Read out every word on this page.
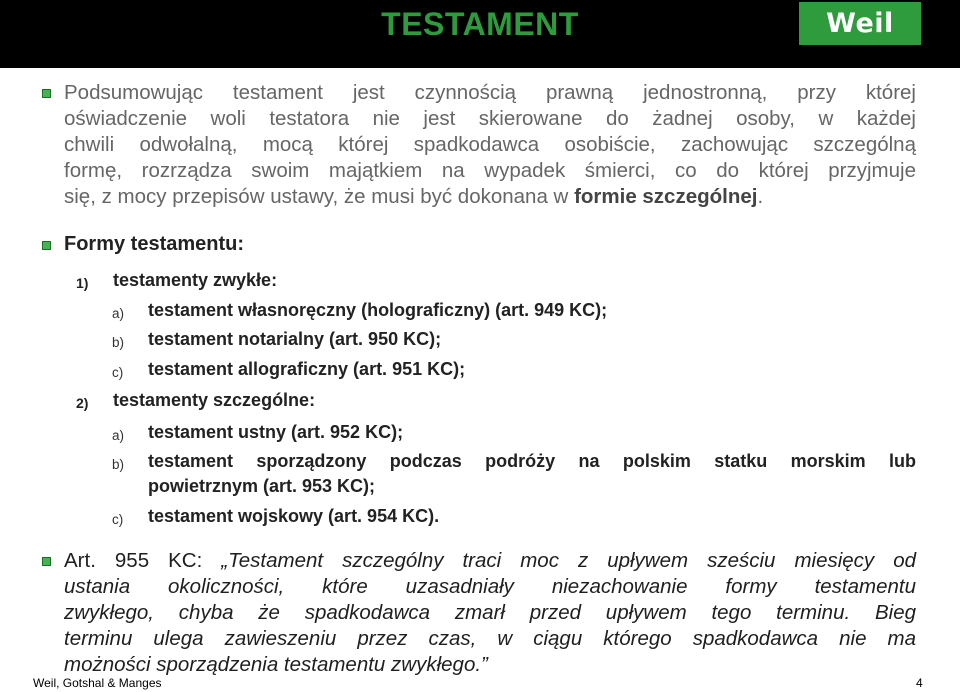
TESTAMENT	Weil
Podsumowując testament jest czynnością prawną jednostronną, przy której
oświadczenie woli testatora nie jest skierowane do żadnej osoby, w każdej
chwili odwołalną, mocą której spadkodawca osobiście, zachowując szczególną
formę, rozrządza swoim majątkiem na wypadek śmierci, co do której przyjmuje
się, z mocy przepisów ustawy, że musi być dokonana w formie szczególnej.
Formy testamentu:
1) testamenty zwykłe:
a) testament własnoręczny (holograficzny) (art. 949 KC);
b) testament notarialny (art. 950 KC);
c) testament allograficzny (art. 951 KC);
2) testamenty szczególne:
a) testament ustny (art. 952 KC);
b) testament sporządzony podczas podróży na polskim statku morskim lub
powietrznym (art. 953 KC);
c) testament wojskowy (art. 954 KC).
Art. 955 KC: „Testament szczególny traci moc z upływem sześciu miesięcy od
ustania okoliczności, które uzasadniały niezachowanie formy testamentu
zwykłego, chyba że spadkodawca zmarł przed upływem tego terminu. Bieg
terminu ulega zawieszeniu przez czas, w ciągu którego spadkodawca nie ma
możności sporządzenia testamentu zwykłego.”
Weil, Gotshal & Manges	4
